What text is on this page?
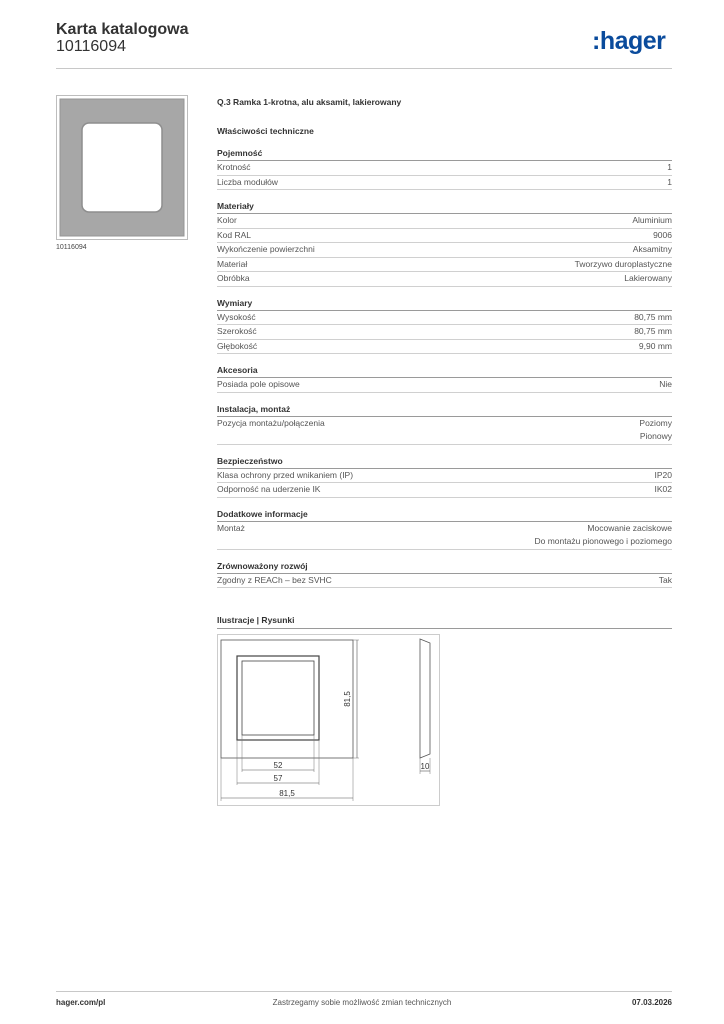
Karta katalogowa
10116094	:hager
10116094
Q.3 Ramka 1-krotna, alu aksamit, lakierowany
Właściwości techniczne
Pojemność
Krotność	1
Liczba modułów	1
Materiały
Kolor	Aluminium
Kod RAL	9006
Wykończenie powierzchni	Aksamitny
Materiał	Tworzywo duroplastyczne
Obróbka	Lakierowany
Wymiary
Wysokość	80,75 mm
Szerokość	80,75 mm
Głębokość	9,90 mm
Akcesoria
Posiada pole opisowe	Nie
Instalacja, montaż
Pozycja montażu/połączenia	Poziomy
Pionowy
Bezpieczeństwo
Klasa ochrony przed wnikaniem (IP)	IP20
Odporność na uderzenie IK	IK02
Dodatkowe informacje
Montaż	Mocowanie zaciskowe
Do montażu pionowego i poziomego
Zrównoważony rozwój
Zgodny z REACh – bez SVHC	Tak
Ilustracje | Rysunki
52
57
81,5
81,5
10
hager.com/pl	Zastrzegamy sobie możliwość zmian technicznych	07.03.2026
